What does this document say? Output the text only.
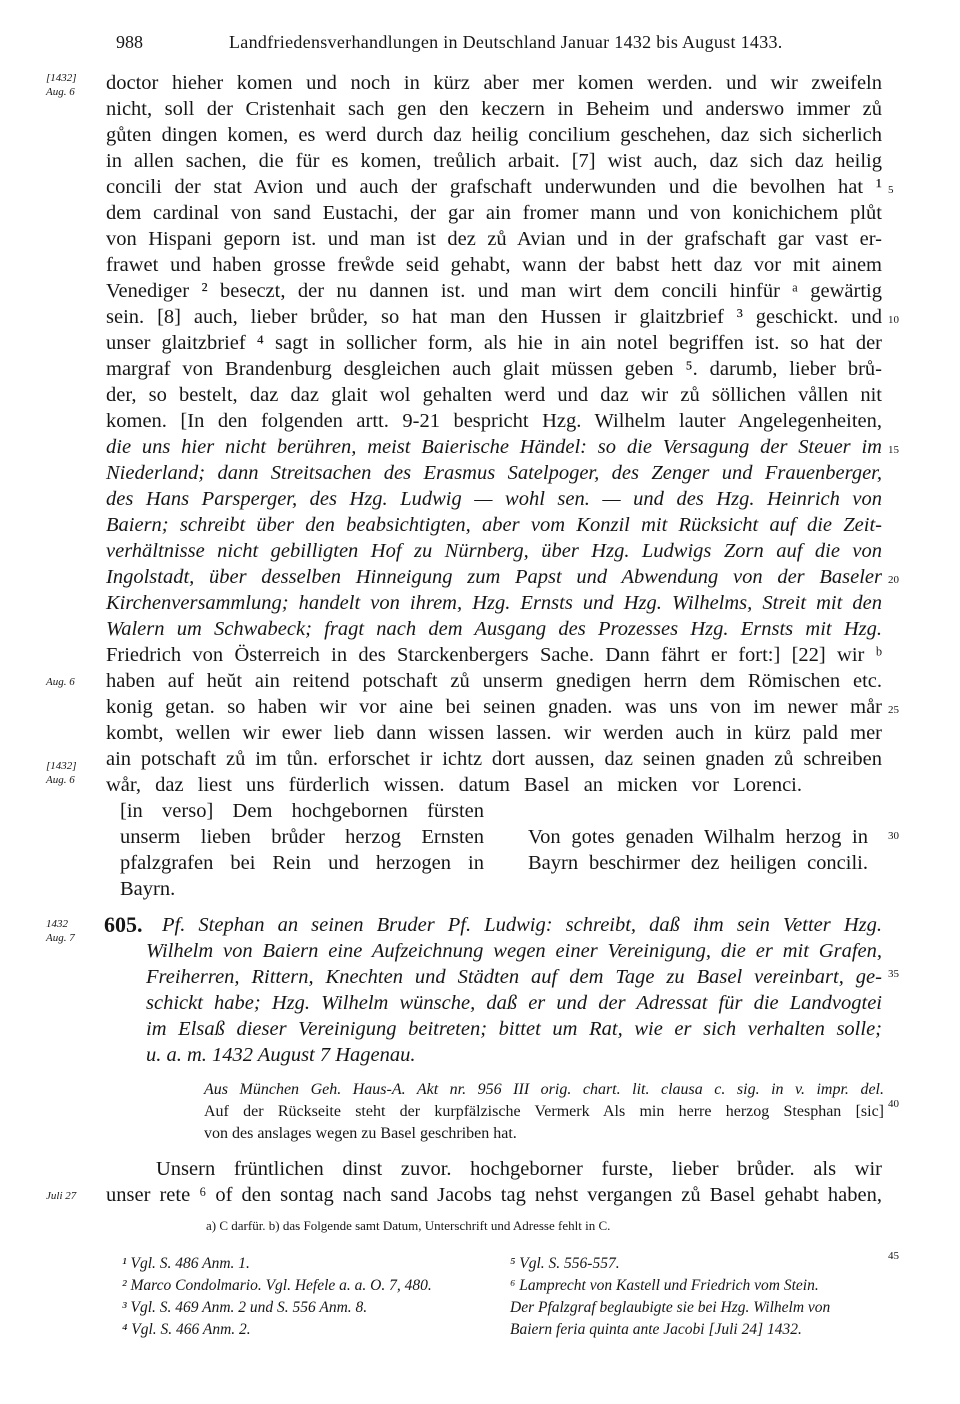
988	Landfriedensverhandlungen in Deutschland Januar 1432 bis August 1433.
doctor hieher komen und noch in kürz aber mer komen werden. und wir zweifeln
nicht, soll der Cristenhait sach gen den keczern in Beheim und anderswo immer zů
gůten dingen komen, es werd durch daz heilig concilium geschehen, daz sich sicherlich
in allen sachen, die für es komen, treůlich arbait. [7] wist auch, daz sich daz heilig
concili der stat Avion und auch der grafschaft underwunden und die bevolhen hat ¹
dem cardinal von sand Eustachi, der gar ain fromer mann und von konichichem plůt
von Hispani geporn ist. und man ist dez zů Avian und in der grafschaft gar vast er-
frawet und haben grosse freẘde seid gehabt, wann der babst hett daz vor mit ainem
Venediger ² beseczt, der nu dannen ist. und man wirt dem concili hinfür ᵃ gewärtig
sein. [8] auch, lieber brůder, so hat man den Hussen ir glaitzbrief ³ geschickt. und
unser glaitzbrief ⁴ sagt in sollicher form, als hie in ain notel begriffen ist. so hat der
margraf von Brandenburg desgleichen auch glait müssen geben ⁵. darumb, lieber brů-
der, so bestelt, daz daz glait wol gehalten werd und daz wir zů söllichen vållen nit
komen. [In den folgenden artt. 9-21 bespricht Hzg. Wilhelm lauter Angelegenheiten,
die uns hier nicht berühren, meist Baierische Händel: so die Versagung der Steuer im
Niederland; dann Streitsachen des Erasmus Satelpoger, des Zenger und Frauenberger,
des Hans Parsperger, des Hzg. Ludwig — wohl sen. — und des Hzg. Heinrich von
Baiern; schreibt über den beabsichtigten, aber vom Konzil mit Rücksicht auf die Zeit-
verhältnisse nicht gebilligten Hof zu Nürnberg, über Hzg. Ludwigs Zorn auf die von
Ingolstadt, über desselben Hinneigung zum Papst und Abwendung von der Baseler
Kirchenversammlung; handelt von ihrem, Hzg. Ernsts und Hzg. Wilhelms, Streit mit den
Walern um Schwabeck; fragt nach dem Ausgang des Prozesses Hzg. Ernsts mit Hzg.
Friedrich von Österreich in des Starckenbergers Sache. Dann fährt er fort:] [22] wir ᵇ
haben auf heŭt ain reitend potschaft zů unserm gnedigen herrn dem Römischen etc.
konig getan. so haben wir vor aine bei seinen gnaden. was uns von im newer mår
kombt, wellen wir ewer lieb dann wissen lassen. wir werden auch in kürz pald mer
ain potschaft zů im tůn. erforschet ir ichtz dort aussen, daz seinen gnaden zů schreiben
wår, daz liest uns fürderlich wissen. datum Basel an micken vor Lorenci.
[1432]
Aug. 6
Aug. 6
[1432]
Aug. 6
5
10
15
20
25
[in verso] Dem hochgebornen fürsten
unserm lieben brůder herzog Ernsten
pfalzgrafen bei Rein und herzogen in
Bayrn.
Von gotes genaden Wilhalm herzog in
Bayrn beschirmer dez heiligen concili.
30
1432
Aug. 7
605. Pf. Stephan an seinen Bruder Pf. Ludwig: schreibt, daß ihm sein Vetter Hzg.
Wilhelm von Baiern eine Aufzeichnung wegen einer Vereinigung, die er mit Grafen,
Freiherren, Rittern, Knechten und Städten auf dem Tage zu Basel vereinbart, ge-
schickt habe; Hzg. Wilhelm wünsche, daß er und der Adressat für die Landvogtei
im Elsaß dieser Vereinigung beitreten; bittet um Rat, wie er sich verhalten solle;
u. a. m. 1432 August 7 Hagenau.
35
Aus München Geh. Haus-A. Akt nr. 956 III orig. chart. lit. clausa c. sig. in v. impr. del.
Auf der Rückseite steht der kurpfälzische Vermerk Als min herre herzog Stesphan [sic]
von des anslages wegen zu Basel geschriben hat.
40
Unsern früntlichen dinst zuvor. hochgeborner furste, lieber brůder. als wir
unser rete ⁶ of den sontag nach sand Jacobs tag nehst vergangen zů Basel gehabt haben,
Juli 27
a) C darfür. b) das Folgende samt Datum, Unterschrift und Adresse fehlt in C.
¹ Vgl. S. 486 Anm. 1.
² Marco Condolmario. Vgl. Hefele a. a. O. 7, 480.
³ Vgl. S. 469 Anm. 2 und S. 556 Anm. 8.
⁴ Vgl. S. 466 Anm. 2.
⁵ Vgl. S. 556-557.
⁶ Lamprecht von Kastell und Friedrich vom Stein.
Der Pfalzgraf beglaubigte sie bei Hzg. Wilhelm von
Baiern feria quinta ante Jacobi [Juli 24] 1432.
45
